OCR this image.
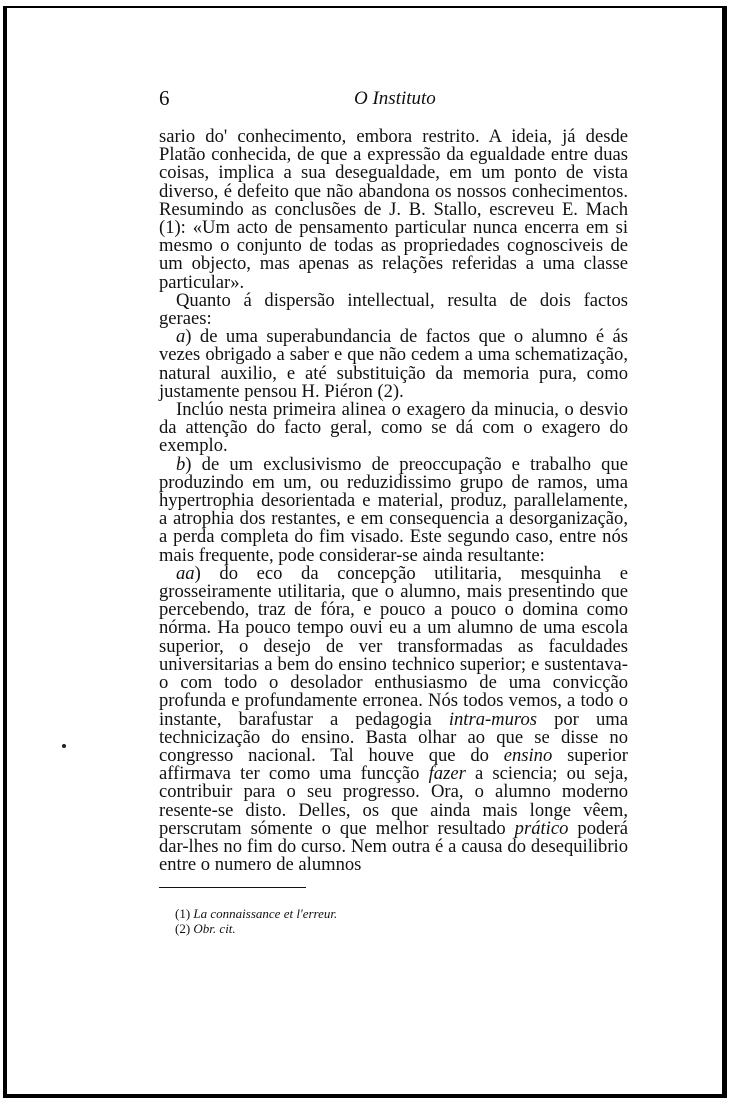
6	O Instituto

sario do' conhecimento, embora restrito. A ideia, já desde Platão conhecida, de que a expressão da egualdade entre duas coisas, implica a sua desegualdade, em um ponto de vista diverso, é defeito que não abandona os nossos conhecimentos. Resumindo as conclusões de J. B. Stallo, escreveu E. Mach (1): «Um acto de pensamento particular nunca encerra em si mesmo o conjunto de todas as propriedades cognosciveis de um objecto, mas apenas as relações referidas a uma classe particular».

Quanto á dispersão intellectual, resulta de dois factos geraes:

a) de uma superabundancia de factos que o alumno é ás vezes obrigado a saber e que não cedem a uma schematização, natural auxilio, e até substituição da memoria pura, como justamente pensou H. Piéron (2).

Inclúo nesta primeira alinea o exagero da minucia, o desvio da attenção do facto geral, como se dá com o exagero do exemplo.

b) de um exclusivismo de preoccupação e trabalho que produzindo em um, ou reduzidissimo grupo de ramos, uma hypertrophia desorientada e material, produz, parallelamente, a atrophia dos restantes, e em consequencia a desorganização, a perda completa do fim visado. Este segundo caso, entre nós mais frequente, pode considerar-se ainda resultante:

aa) do eco da concepção utilitaria, mesquinha e grosseiramente utilitaria, que o alumno, mais presentindo que percebendo, traz de fóra, e pouco a pouco o domina como nórma. Ha pouco tempo ouvi eu a um alumno de uma escola superior, o desejo de ver transformadas as faculdades universitarias a bem do ensino technico superior; e sustentava-o com todo o desolador enthusiasmo de uma convicção profunda e profundamente erronea. Nós todos vemos, a todo o instante, barafustar a pedagogia intra-muros por uma technicização do ensino. Basta olhar ao que se disse no congresso nacional. Tal houve que do ensino superior affirmava ter como uma funcção fazer a sciencia; ou seja, contribuir para o seu progresso. Ora, o alumno moderno resente-se disto. Delles, os que ainda mais longe vêem, perscrutam sómente o que melhor resultado prático poderá dar-lhes no fim do curso. Nem outra é a causa do desequilibrio entre o numero de alumnos

(1) La connaissance et l'erreur.
(2) Obr. cit.
